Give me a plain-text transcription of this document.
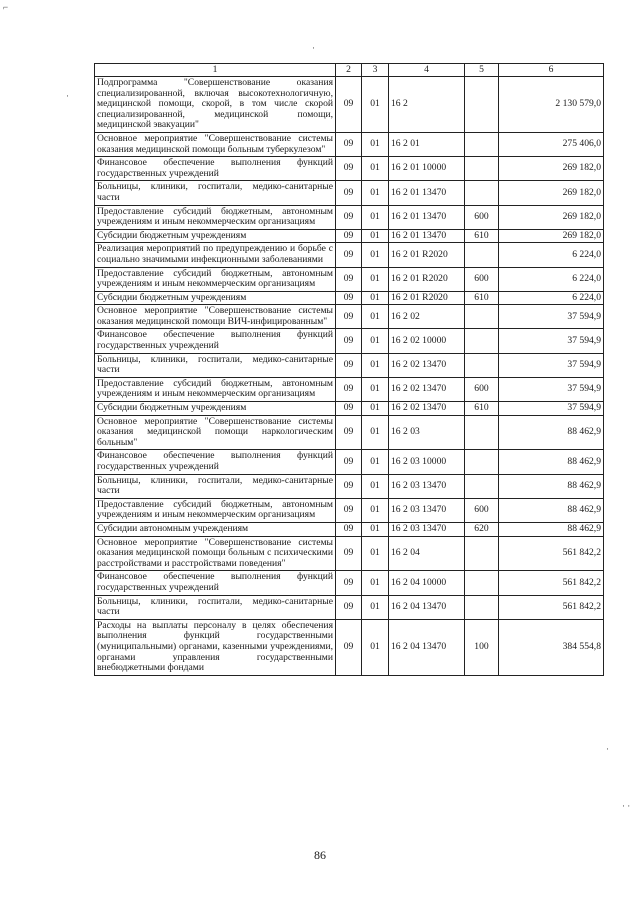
⌐
·
·
·
· ·
1	2	3	4	5	6
Подпрограмма "Совершенствование оказания специализированной, включая высокотехнологичную, медицинской помощи, скорой, в том числе скорой специализированной, медицинской помощи, медицинской эвакуации"	09	01	16 2		2 130 579,0
Основное мероприятие "Совершенствование системы оказания медицинской помощи больным туберкулезом"	09	01	16 2 01		275 406,0
Финансовое обеспечение выполнения функций государственных учреждений	09	01	16 2 01 10000		269 182,0
Больницы, клиники, госпитали, медико-санитарные части	09	01	16 2 01 13470		269 182,0
Предоставление субсидий бюджетным, автономным учреждениям и иным некоммерческим организациям	09	01	16 2 01 13470	600	269 182,0
Субсидии бюджетным учреждениям	09	01	16 2 01 13470	610	269 182,0
Реализация мероприятий по предупреждению и борьбе с социально значимыми инфекционными заболеваниями	09	01	16 2 01 R2020		6 224,0
Предоставление субсидий бюджетным, автономным учреждениям и иным некоммерческим организациям	09	01	16 2 01 R2020	600	6 224,0
Субсидии бюджетным учреждениям	09	01	16 2 01 R2020	610	6 224,0
Основное мероприятие "Совершенствование системы оказания медицинской помощи ВИЧ-инфицированным"	09	01	16 2 02		37 594,9
Финансовое обеспечение выполнения функций государственных учреждений	09	01	16 2 02 10000		37 594,9
Больницы, клиники, госпитали, медико-санитарные части	09	01	16 2 02 13470		37 594,9
Предоставление субсидий бюджетным, автономным учреждениям и иным некоммерческим организациям	09	01	16 2 02 13470	600	37 594,9
Субсидии бюджетным учреждениям	09	01	16 2 02 13470	610	37 594,9
Основное мероприятие "Совершенствование системы оказания медицинской помощи наркологическим больным"	09	01	16 2 03		88 462,9
Финансовое обеспечение выполнения функций государственных учреждений	09	01	16 2 03 10000		88 462,9
Больницы, клиники, госпитали, медико-санитарные части	09	01	16 2 03 13470		88 462,9
Предоставление субсидий бюджетным, автономным учреждениям и иным некоммерческим организациям	09	01	16 2 03 13470	600	88 462,9
Субсидии автономным учреждениям	09	01	16 2 03 13470	620	88 462,9
Основное мероприятие "Совершенствование системы оказания медицинской помощи больным с психическими расстройствами и расстройствами поведения"	09	01	16 2 04		561 842,2
Финансовое обеспечение выполнения функций государственных учреждений	09	01	16 2 04 10000		561 842,2
Больницы, клиники, госпитали, медико-санитарные части	09	01	16 2 04 13470		561 842,2
Расходы на выплаты персоналу в целях обеспечения выполнения функций государственными (муниципальными) органами, казенными учреждениями, органами управления государственными внебюджетными фондами	09	01	16 2 04 13470	100	384 554,8
86
